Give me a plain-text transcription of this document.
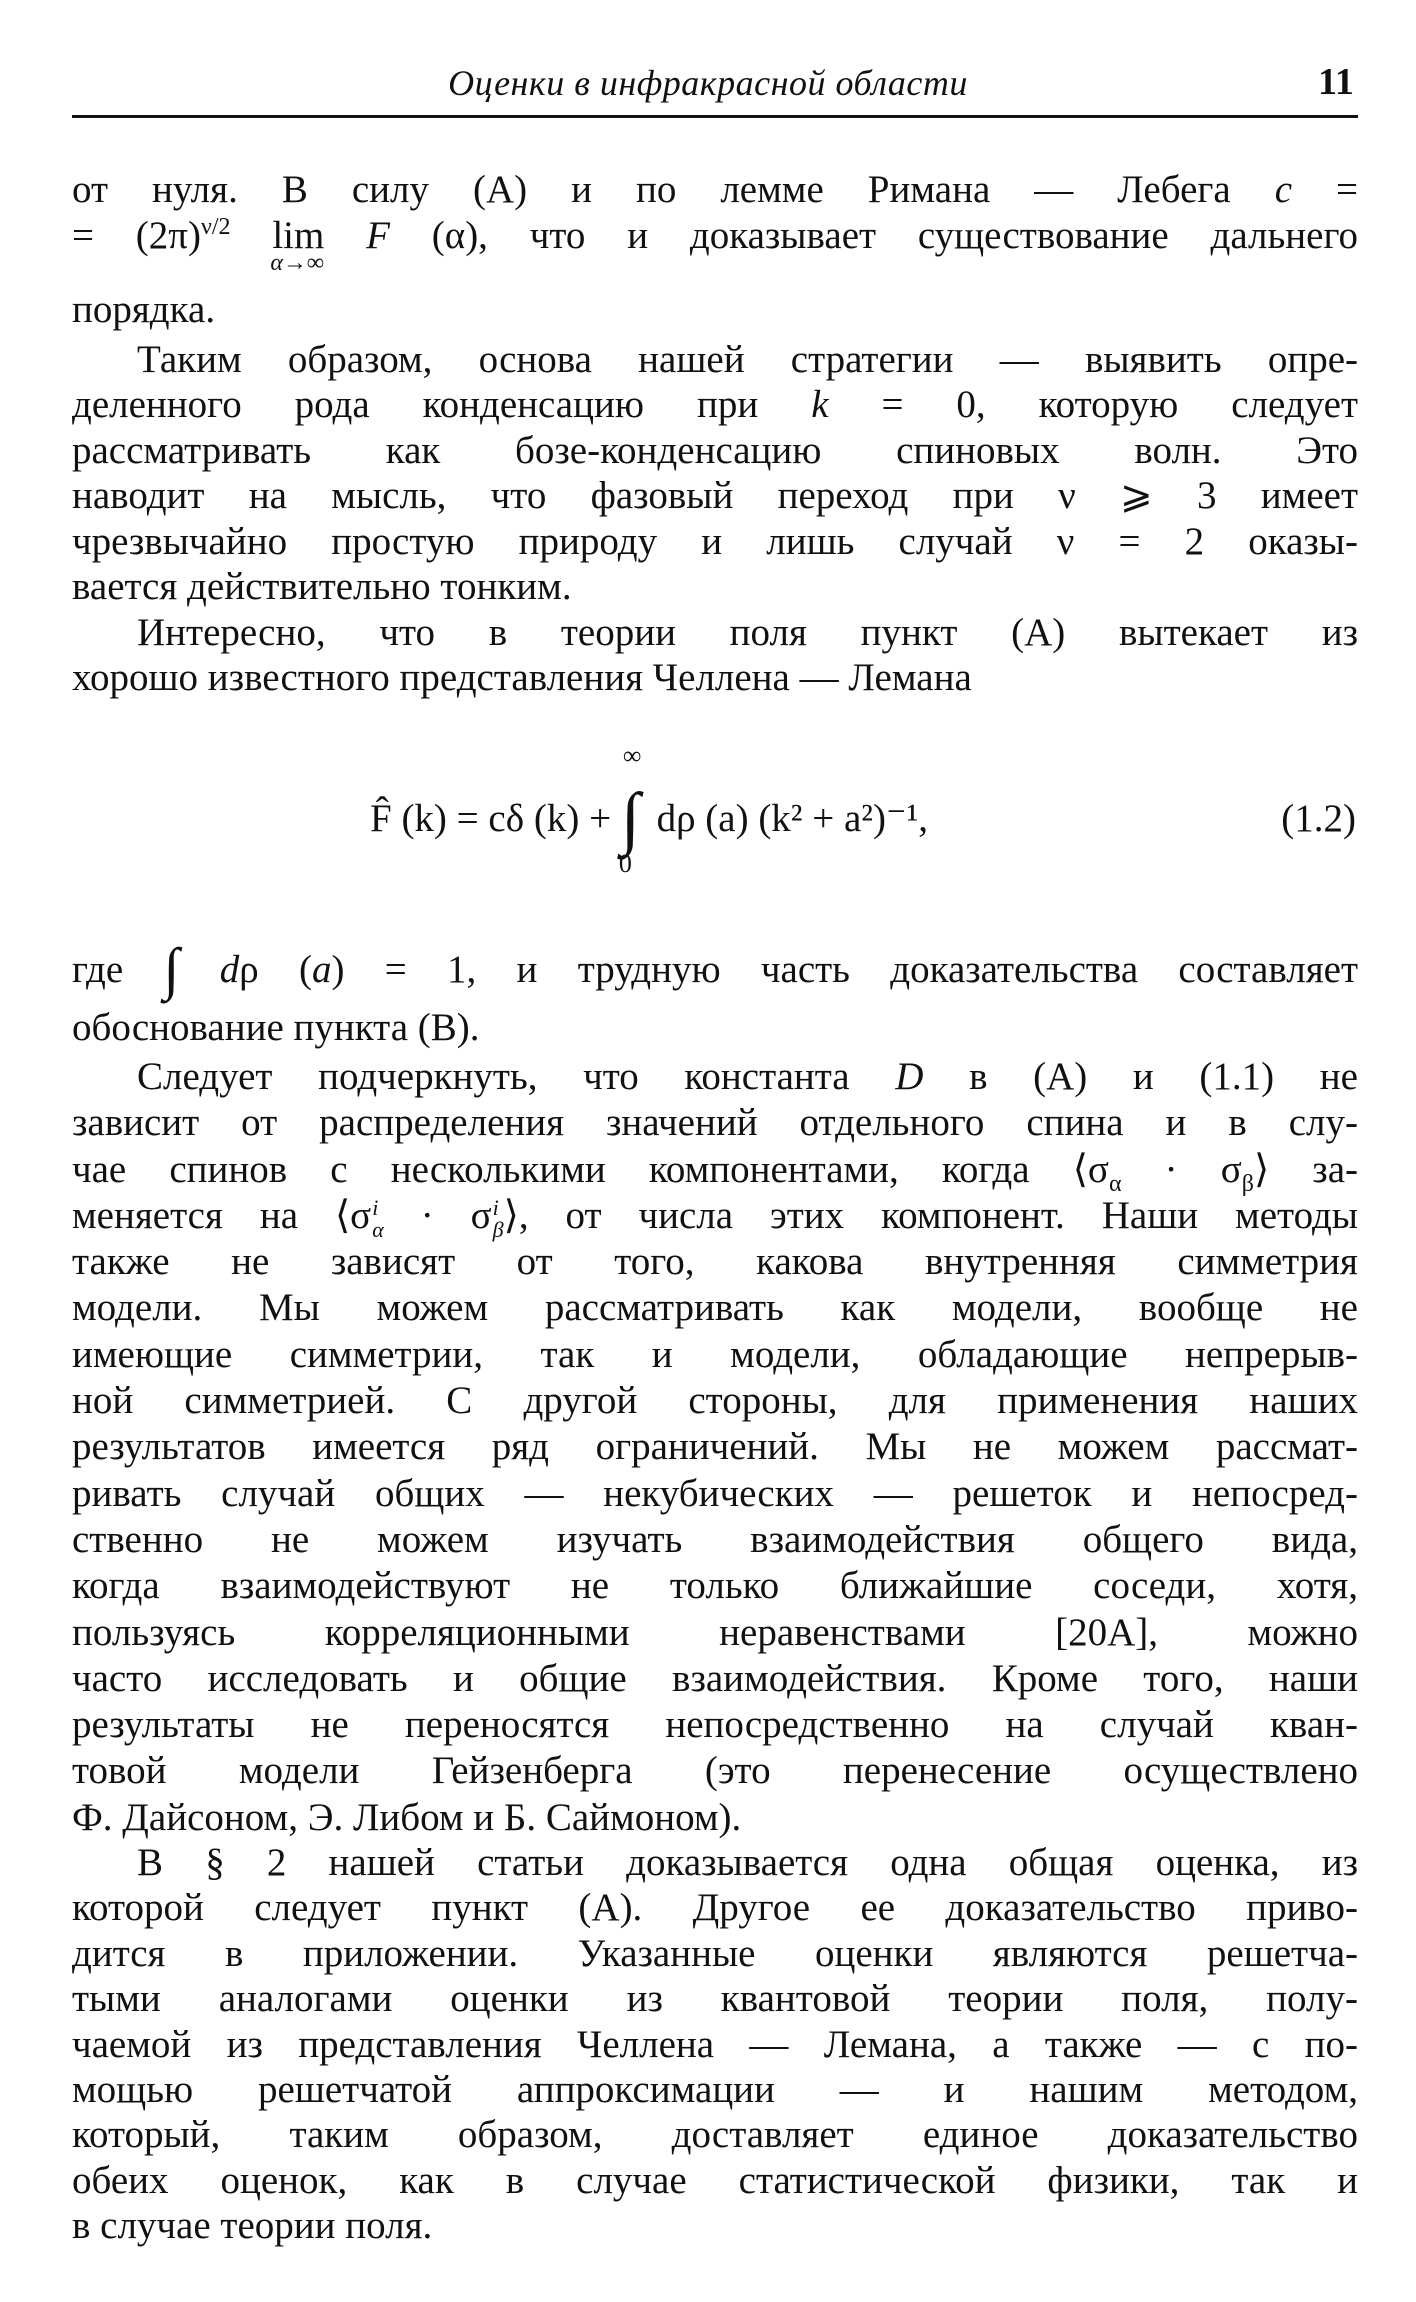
Оценки в инфракрасной области	11
от нуля. В силу (А) и по лемме Римана — Лебега c =
= $(2\pi)^{\nu/2}$ lim
α→∞
F (α), что и доказывает существование дальнего
порядка.
Таким образом, основа нашей стратегии — выявить опре-
деленного рода конденсацию при k = 0, которую следует
рассматривать как бозе-конденсацию спиновых волн. Это
наводит на мысль, что фазовый переход при ν ⩾ 3 имеет
чрезвычайно простую природу и лишь случай ν = 2 оказы-
вается действительно тонким.
Интересно, что в теории поля пункт (А) вытекает из
хорошо известного представления Челлена — Лемана
F̂ (k) = cδ (k) +
∞
∫
0
dρ (a) (k² + a²)⁻¹,	(1.2)
где ∫ dρ (a) = 1, и трудную часть доказательства составляет
обоснование пункта (В).
Следует подчеркнуть, что константа D в (А) и (1.1) не
зависит от распределения значений отдельного спина и в слу-
чае спинов с несколькими компонентами, когда $⟨\sigma_\alpha$ · $\sigma_\beta⟩$ за-
меняется на ⟨σ i
α · σ i
β ⟩, от числа этих компонент. Наши методы
также не зависят от того, какова внутренняя симметрия
модели. Мы можем рассматривать как модели, вообще не
имеющие симметрии, так и модели, обладающие непрерыв-
ной симметрией. С другой стороны, для применения наших
результатов имеется ряд ограничений. Мы не можем рассмат-
ривать случай общих — некубических — решеток и непосред-
ственно не можем изучать взаимодействия общего вида,
когда взаимодействуют не только ближайшие соседи, хотя,
пользуясь корреляционными неравенствами [20А], можно
часто исследовать и общие взаимодействия. Кроме того, наши
результаты не переносятся непосредственно на случай кван-
товой модели Гейзенберга (это перенесение осуществлено
Ф. Дайсоном, Э. Либом и Б. Саймоном).
В § 2 нашей статьи доказывается одна общая оценка, из
которой следует пункт (А). Другое ее доказательство приво-
дится в приложении. Указанные оценки являются решетча-
тыми аналогами оценки из квантовой теории поля, полу-
чаемой из представления Челлена — Лемана, а также — с по-
мощью решетчатой аппроксимации — и нашим методом,
который, таким образом, доставляет единое доказательство
обеих оценок, как в случае статистической физики, так и
в случае теории поля.
